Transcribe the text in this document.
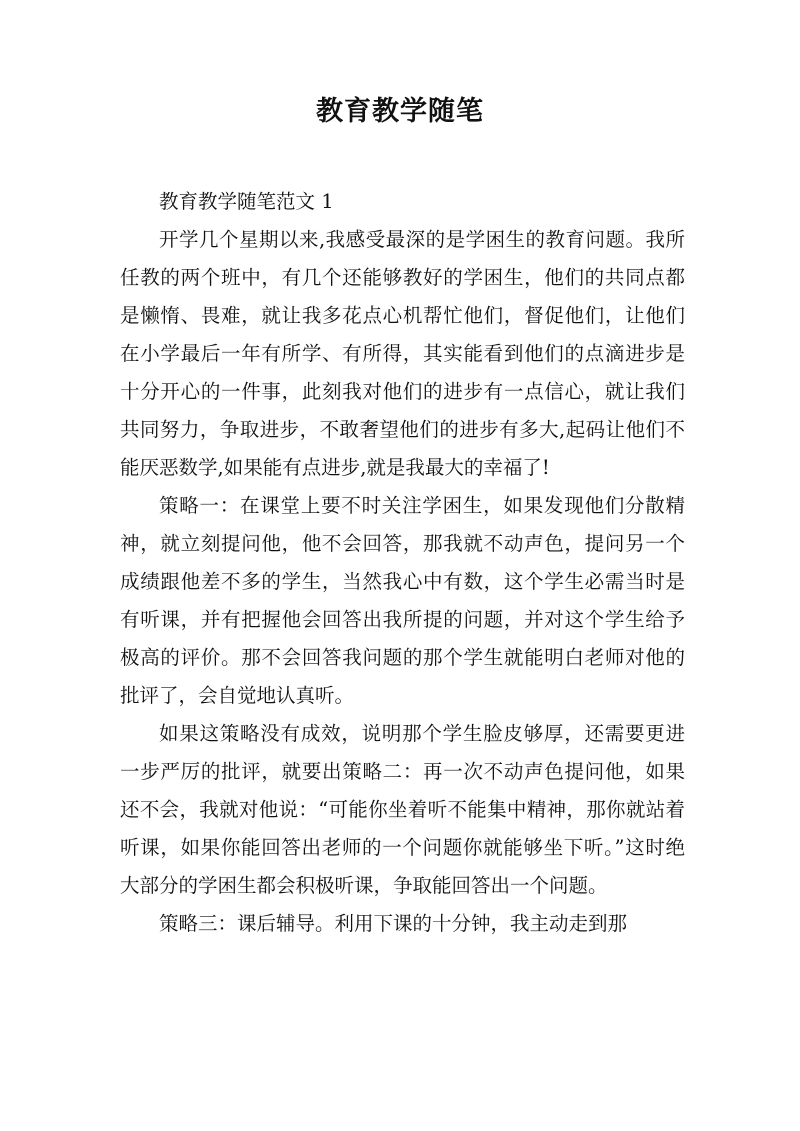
教育教学随笔

教育教学随笔范文 1

开学几个星期以来,我感受最深的是学困生的教育问题。我所任教的两个班中，有几个还能够教好的学困生，他们的共同点都是懒惰、畏难，就让我多花点心机帮忙他们，督促他们，让他们在小学最后一年有所学、有所得，其实能看到他们的点滴进步是十分开心的一件事，此刻我对他们的进步有一点信心，就让我们共同努力，争取进步，不敢奢望他们的进步有多大,起码让他们不能厌恶数学,如果能有点进步,就是我最大的幸福了!

策略一：在课堂上要不时关注学困生，如果发现他们分散精神，就立刻提问他，他不会回答，那我就不动声色，提问另一个成绩跟他差不多的学生，当然我心中有数，这个学生必需当时是有听课，并有把握他会回答出我所提的问题，并对这个学生给予极高的评价。那不会回答我问题的那个学生就能明白老师对他的批评了，会自觉地认真听。

如果这策略没有成效，说明那个学生脸皮够厚，还需要更进一步严厉的批评，就要出策略二：再一次不动声色提问他，如果还不会，我就对他说：“可能你坐着听不能集中精神，那你就站着听课，如果你能回答出老师的一个问题你就能够坐下听。”这时绝大部分的学困生都会积极听课，争取能回答出一个问题。

策略三：课后辅导。利用下课的十分钟，我主动走到那
